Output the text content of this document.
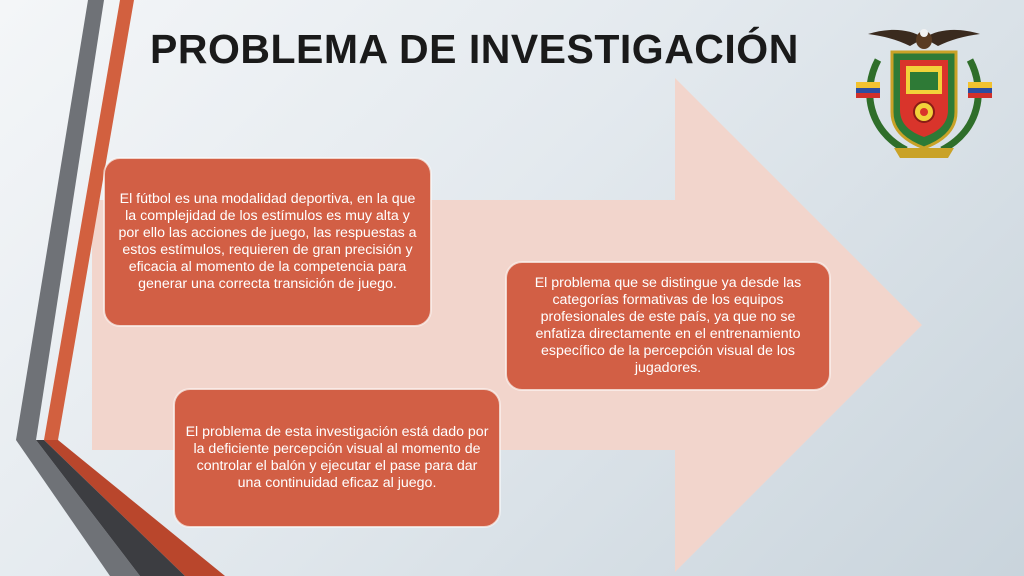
PROBLEMA DE INVESTIGACIÓN

El fútbol es una modalidad deportiva, en la que la complejidad de los estímulos es muy alta y por ello las acciones de juego, las respuestas a estos estímulos, requieren de gran precisión y eficacia al momento de la competencia para generar una correcta transición de juego.	El problema que se distingue ya desde las categorías formativas de los equipos profesionales de este país, ya que no se enfatiza directamente en el entrenamiento específico de la percepción visual de los jugadores.

El problema de esta investigación está dado por la deficiente percepción visual al momento de controlar el balón y ejecutar el pase para dar una continuidad eficaz al juego.
